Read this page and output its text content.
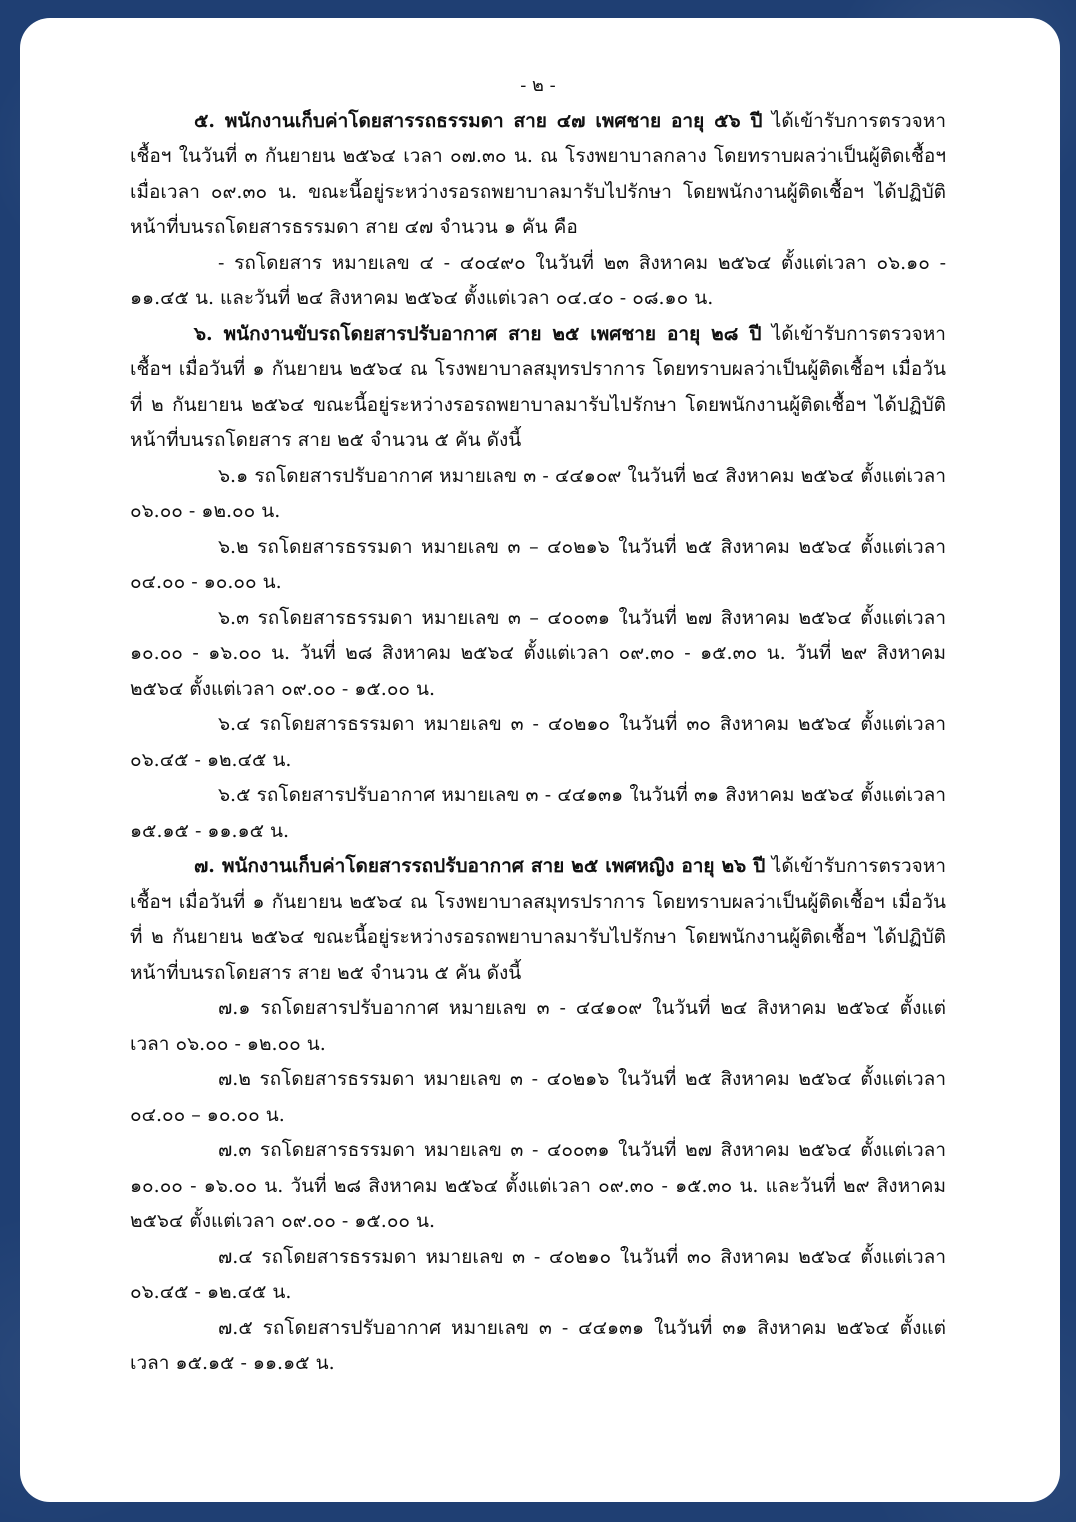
- ๒ -

๕. พนักงานเก็บค่าโดยสารรถธรรมดา สาย ๔๗ เพศชาย อายุ ๕๖ ปี ได้เข้ารับการตรวจหาเชื้อฯ ในวันที่ ๓ กันยายน ๒๕๖๔ เวลา ๐๗.๓๐ น. ณ โรงพยาบาลกลาง โดยทราบผลว่าเป็นผู้ติดเชื้อฯ เมื่อเวลา ๐๙.๓๐ น. ขณะนี้อยู่ระหว่างรอรถพยาบาลมารับไปรักษา โดยพนักงานผู้ติดเชื้อฯ ได้ปฏิบัติหน้าที่บนรถโดยสารธรรมดา สาย ๔๗ จำนวน ๑ คัน คือ

- รถโดยสาร หมายเลข ๔ - ๔๐๔๙๐ ในวันที่ ๒๓ สิงหาคม ๒๕๖๔ ตั้งแต่เวลา ๐๖.๑๐ - ๑๑.๔๕ น. และวันที่ ๒๔ สิงหาคม ๒๕๖๔ ตั้งแต่เวลา ๐๔.๔๐ - ๐๘.๑๐ น.

๖. พนักงานขับรถโดยสารปรับอากาศ สาย ๒๕ เพศชาย อายุ ๒๘ ปี ได้เข้ารับการตรวจหาเชื้อฯ เมื่อวันที่ ๑ กันยายน ๒๕๖๔ ณ โรงพยาบาลสมุทรปราการ โดยทราบผลว่าเป็นผู้ติดเชื้อฯ เมื่อวันที่ ๒ กันยายน ๒๕๖๔ ขณะนี้อยู่ระหว่างรอรถพยาบาลมารับไปรักษา โดยพนักงานผู้ติดเชื้อฯ ได้ปฏิบัติหน้าที่บนรถโดยสาร สาย ๒๕ จำนวน ๕ คัน ดังนี้

๖.๑ รถโดยสารปรับอากาศ หมายเลข ๓ - ๔๔๑๐๙ ในวันที่ ๒๔ สิงหาคม ๒๕๖๔ ตั้งแต่เวลา ๐๖.๐๐ - ๑๒.๐๐ น.

๖.๒ รถโดยสารธรรมดา หมายเลข ๓ – ๔๐๒๑๖ ในวันที่ ๒๕ สิงหาคม ๒๕๖๔ ตั้งแต่เวลา ๐๔.๐๐ - ๑๐.๐๐ น.

๖.๓ รถโดยสารธรรมดา หมายเลข ๓ – ๔๐๐๓๑ ในวันที่ ๒๗ สิงหาคม ๒๕๖๔ ตั้งแต่เวลา ๑๐.๐๐ - ๑๖.๐๐ น. วันที่ ๒๘ สิงหาคม ๒๕๖๔ ตั้งแต่เวลา ๐๙.๓๐ - ๑๕.๓๐ น. วันที่ ๒๙ สิงหาคม ๒๕๖๔ ตั้งแต่เวลา ๐๙.๐๐ - ๑๕.๐๐ น.

๖.๔ รถโดยสารธรรมดา หมายเลข ๓ - ๔๐๒๑๐ ในวันที่ ๓๐ สิงหาคม ๒๕๖๔ ตั้งแต่เวลา ๐๖.๔๕ - ๑๒.๔๕ น.

๖.๕ รถโดยสารปรับอากาศ หมายเลข ๓ - ๔๔๑๓๑ ในวันที่ ๓๑ สิงหาคม ๒๕๖๔ ตั้งแต่เวลา ๑๕.๑๕ - ๑๑.๑๕ น.

๗. พนักงานเก็บค่าโดยสารรถปรับอากาศ สาย ๒๕ เพศหญิง อายุ ๒๖ ปี ได้เข้ารับการตรวจหาเชื้อฯ เมื่อวันที่ ๑ กันยายน ๒๕๖๔ ณ โรงพยาบาลสมุทรปราการ โดยทราบผลว่าเป็นผู้ติดเชื้อฯ เมื่อวันที่ ๒ กันยายน ๒๕๖๔ ขณะนี้อยู่ระหว่างรอรถพยาบาลมารับไปรักษา โดยพนักงานผู้ติดเชื้อฯ ได้ปฏิบัติหน้าที่บนรถโดยสาร สาย ๒๕ จำนวน ๕ คัน ดังนี้

๗.๑ รถโดยสารปรับอากาศ หมายเลข ๓ - ๔๔๑๐๙ ในวันที่ ๒๔ สิงหาคม ๒๕๖๔ ตั้งแต่เวลา ๐๖.๐๐ - ๑๒.๐๐ น.

๗.๒ รถโดยสารธรรมดา หมายเลข ๓ - ๔๐๒๑๖ ในวันที่ ๒๕ สิงหาคม ๒๕๖๔ ตั้งแต่เวลา ๐๔.๐๐ – ๑๐.๐๐ น.

๗.๓ รถโดยสารธรรมดา หมายเลข ๓ - ๔๐๐๓๑ ในวันที่ ๒๗ สิงหาคม ๒๕๖๔ ตั้งแต่เวลา ๑๐.๐๐ - ๑๖.๐๐ น. วันที่ ๒๘ สิงหาคม ๒๕๖๔ ตั้งแต่เวลา ๐๙.๓๐ - ๑๕.๓๐ น. และวันที่ ๒๙ สิงหาคม ๒๕๖๔ ตั้งแต่เวลา ๐๙.๐๐ - ๑๕.๐๐ น.

๗.๔ รถโดยสารธรรมดา หมายเลข ๓ - ๔๐๒๑๐ ในวันที่ ๓๐ สิงหาคม ๒๕๖๔ ตั้งแต่เวลา ๐๖.๔๕ - ๑๒.๔๕ น.

๗.๕ รถโดยสารปรับอากาศ หมายเลข ๓ - ๔๔๑๓๑ ในวันที่ ๓๑ สิงหาคม ๒๕๖๔ ตั้งแต่เวลา ๑๕.๑๕ - ๑๑.๑๕ น.
